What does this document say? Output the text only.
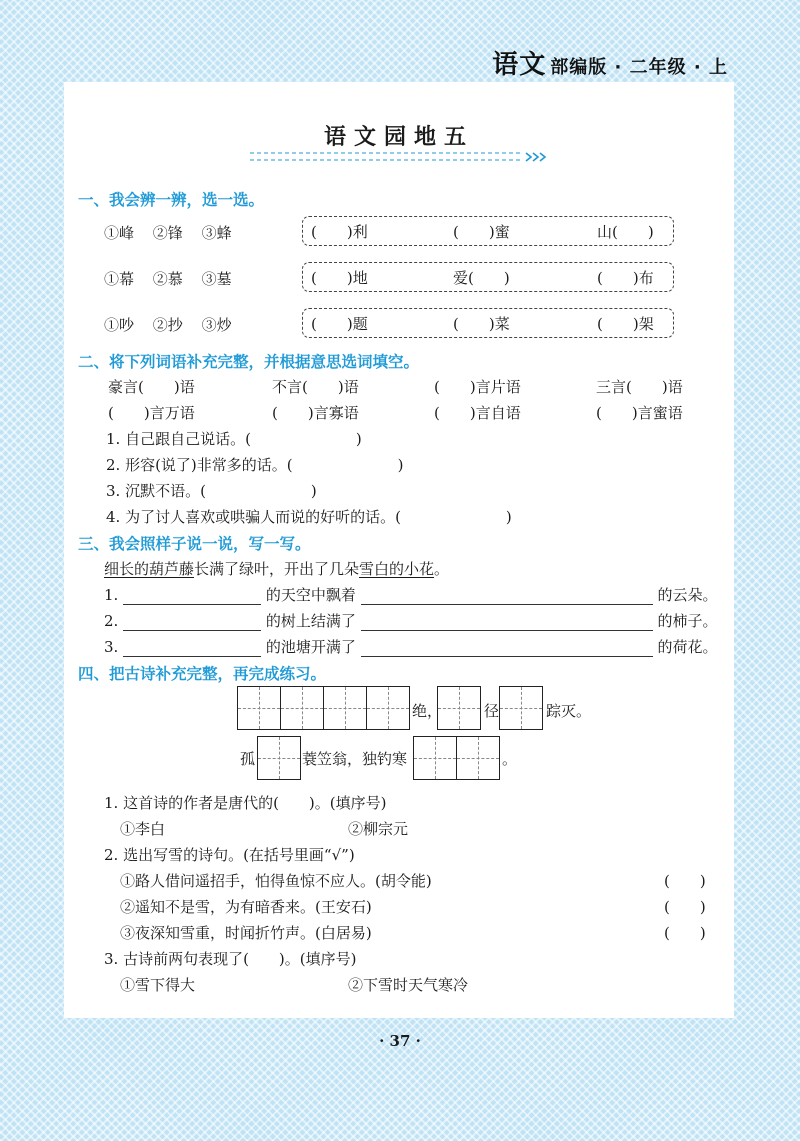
语文 部编版 · 二年级 · 上
语文园地五
一、我会辨一辨，选一选。
①峰 ②锋 ③蜂	(　　)利	(　　)蜜	山(　　)
①幕 ②慕 ③墓	(　　)地	爱(　　)	(　　)布
①吵 ②抄 ③炒	(　　)题	(　　)菜	(　　)架
二、将下列词语补充完整，并根据意思选词填空。
豪言(　　)语	不言(　　)语	(　　)言片语	三言(　　)语
(　　)言万语	(　　)言寡语	(　　)言自语	(　　)言蜜语
1. 自己跟自己说话。(　　　　　　　)
2. 形容(说了)非常多的话。(　　　　　　　)
3. 沉默不语。(　　　　　　　)
4. 为了讨人喜欢或哄骗人而说的好听的话。(　　　　　　　)
三、我会照样子说一说，写一写。
细长的葫芦藤长满了绿叶，开出了几朵雪白的小花。
1.	的天空中飘着	的云朵。
2.	的树上结满了	的柿子。
3.	的池塘开满了	的荷花。
四、把古诗补充完整，再完成练习。
绝，	径	踪灭。
孤	蓑笠翁，独钓寒	。
1. 这首诗的作者是唐代的(　　)。(填序号)
①李白	②柳宗元
2. 选出写雪的诗句。(在括号里画“√”)
①路人借问遥招手，怕得鱼惊不应人。(胡令能)	(　　)
②遥知不是雪，为有暗香来。(王安石)	(　　)
③夜深知雪重，时闻折竹声。(白居易)	(　　)
3. 古诗前两句表现了(　　)。(填序号)
①雪下得大	②下雪时天气寒冷
· 37 ·
